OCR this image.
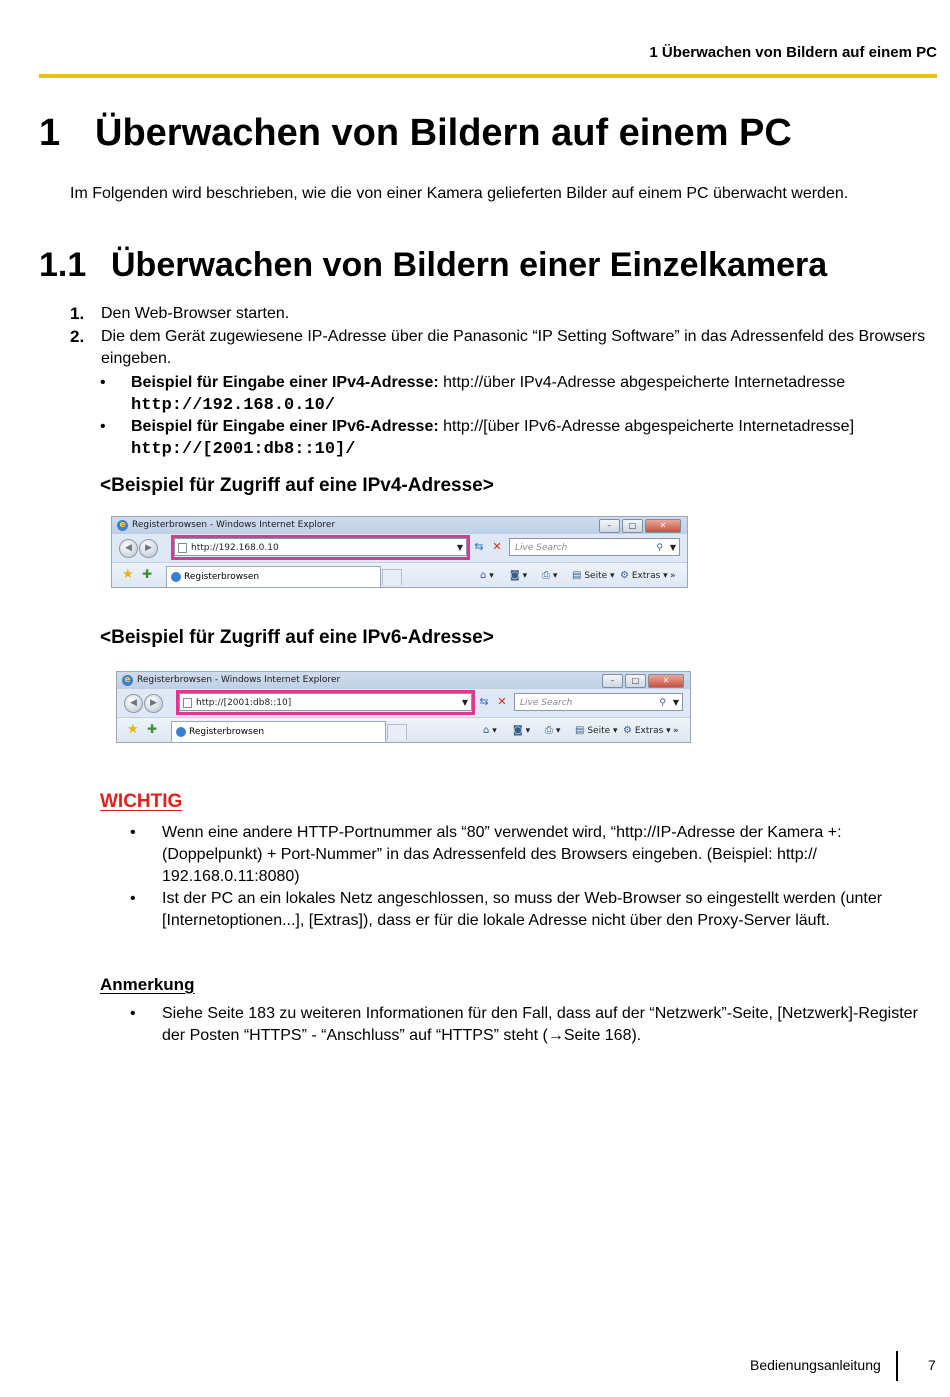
1 Überwachen von Bildern auf einem PC
1 Überwachen von Bildern auf einem PC
Im Folgenden wird beschrieben, wie die von einer Kamera gelieferten Bilder auf einem PC überwacht werden.
1.1 Überwachen von Bildern einer Einzelkamera
1. Den Web-Browser starten.
2. Die dem Gerät zugewiesene IP-Adresse über die Panasonic “IP Setting Software” in das Adressenfeld des Browsers eingeben.
• Beispiel für Eingabe einer IPv4-Adresse: http://über IPv4-Adresse abgespeicherte Internetadresse
http://192.168.0.10/
• Beispiel für Eingabe einer IPv6-Adresse: http://[über IPv6-Adresse abgespeicherte Internetadresse]
http://[2001:db8::10]/
<Beispiel für Zugriff auf eine IPv4-Adresse>
e Registerbrowsen - Windows Internet Explorer	–	□	✕
◀	▶	http://192.168.0.10	▼	⇆ ✕	Live Search	⚲ ▼
★ ✚	Registerbrowsen	⌂ ▾ ◙ ▾ ⎙ ▾ ▤ Seite ▾ ⚙ Extras ▾ »
<Beispiel für Zugriff auf eine IPv6-Adresse>
e Registerbrowsen - Windows Internet Explorer	–	□	✕
◀	▶	http://[2001:db8::10]	▼	⇆ ✕	Live Search	⚲ ▼
★ ✚	Registerbrowsen	⌂ ▾ ◙ ▾ ⎙ ▾ ▤ Seite ▾ ⚙ Extras ▾ »
WICHTIG
• Wenn eine andere HTTP-Portnummer als “80” verwendet wird, “http://IP-Adresse der Kamera +: (Doppelpunkt) + Port-Nummer” in das Adressenfeld des Browsers eingeben. (Beispiel: http:// 192.168.0.11:8080)
• Ist der PC an ein lokales Netz angeschlossen, so muss der Web-Browser so eingestellt werden (unter [Internetoptionen...], [Extras]), dass er für die lokale Adresse nicht über den Proxy-Server läuft.
Anmerkung
• Siehe Seite 183 zu weiteren Informationen für den Fall, dass auf der “Netzwerk”-Seite, [Netzwerk]-Register der Posten “HTTPS” - “Anschluss” auf “HTTPS” steht (→Seite 168).
Bedienungsanleitung	7
